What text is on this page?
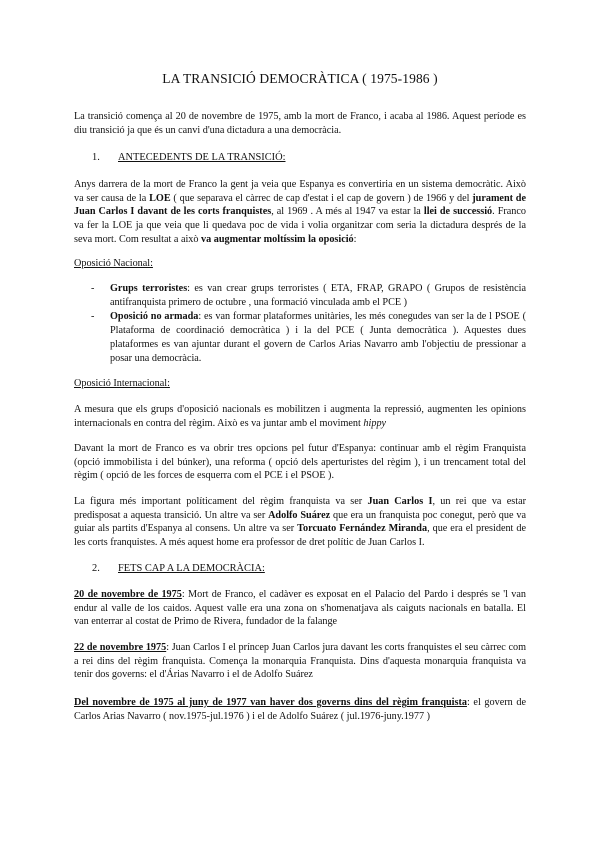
LA TRANSICIÓ DEMOCRÀTICA ( 1975-1986 )

La transició comença al 20 de novembre de 1975, amb la mort de Franco, i acaba al 1986. Aquest període es diu transició ja que és un canvi d'una dictadura a una democràcia.

1. ANTECEDENTS DE LA TRANSICIÓ:

Anys darrera de la mort de Franco la gent ja veia que Espanya es convertiria en un sistema democràtic. Això va ser causa de la LOE ( que separava el càrrec de cap d'estat i el cap de govern ) de 1966 y del jurament de Juan Carlos I davant de les corts franquistes, al 1969 . A més al 1947 va estar la llei de successió. Franco va fer la LOE ja que veia que li quedava poc de vida i volia organitzar com seria la dictadura després de la seva mort. Com resultat a això va augmentar moltíssim la oposició:

Oposició Nacional:
- Grups terroristes: es van crear grups terroristes ( ETA, FRAP, GRAPO ( Grupos de resistència antifranquista primero de octubre , una formació vinculada amb el PCE )
- Oposició no armada: es van formar plataformes unitàries, les més conegudes van ser la de l PSOE ( Plataforma de coordinació democràtica ) i la del PCE ( Junta democràtica ). Aquestes dues plataformes es van ajuntar durant el govern de Carlos Arias Navarro amb l'objectiu de pressionar a posar una democràcia.
Oposició Internacional:

A mesura que els grups d'oposició nacionals es mobilitzen i augmenta la repressió, augmenten les opinions internacionals en contra del règim. Això es va juntar amb el moviment hippy

Davant la mort de Franco es va obrir tres opcions pel futur d'Espanya: continuar amb el règim Franquista (opció immobilista i del búnker), una reforma ( opció dels aperturistes del règim ), i un trencament total del règim ( opció de les forces de esquerra com el PCE i el PSOE ).

La figura més important políticament del règim franquista va ser Juan Carlos I, un rei que va estar predisposat a aquesta transició. Un altre va ser Adolfo Suárez que era un franquista poc conegut, però que va guiar als partits d'Espanya al consens. Un altre va ser Torcuato Fernández Miranda, que era el president de les corts franquistes. A més aquest home era professor de dret polític de Juan Carlos I.

2. FETS CAP A LA DEMOCRÀCIA:

20 de novembre de 1975: Mort de Franco, el cadàver es exposat en el Palacio del Pardo i després se 'l van endur al valle de los caidos. Aquest valle era una zona on s'homenatjava als caiguts nacionals en batalla. El van enterrar al costat de Primo de Rivera, fundador de la falange

22 de novembre 1975: Juan Carlos I el príncep Juan Carlos jura davant les corts franquistes el seu càrrec com a rei dins del règim franquista. Comença la monarquia Franquista. Dins d'aquesta monarquia franquista va tenir dos governs: el d'Árias Navarro i el de Adolfo Suárez

Del novembre de 1975 al juny de 1977 van haver dos governs dins del règim franquista: el govern de Carlos Arias Navarro ( nov.1975-jul.1976 ) i el de Adolfo Suárez ( jul.1976-juny.1977 )
